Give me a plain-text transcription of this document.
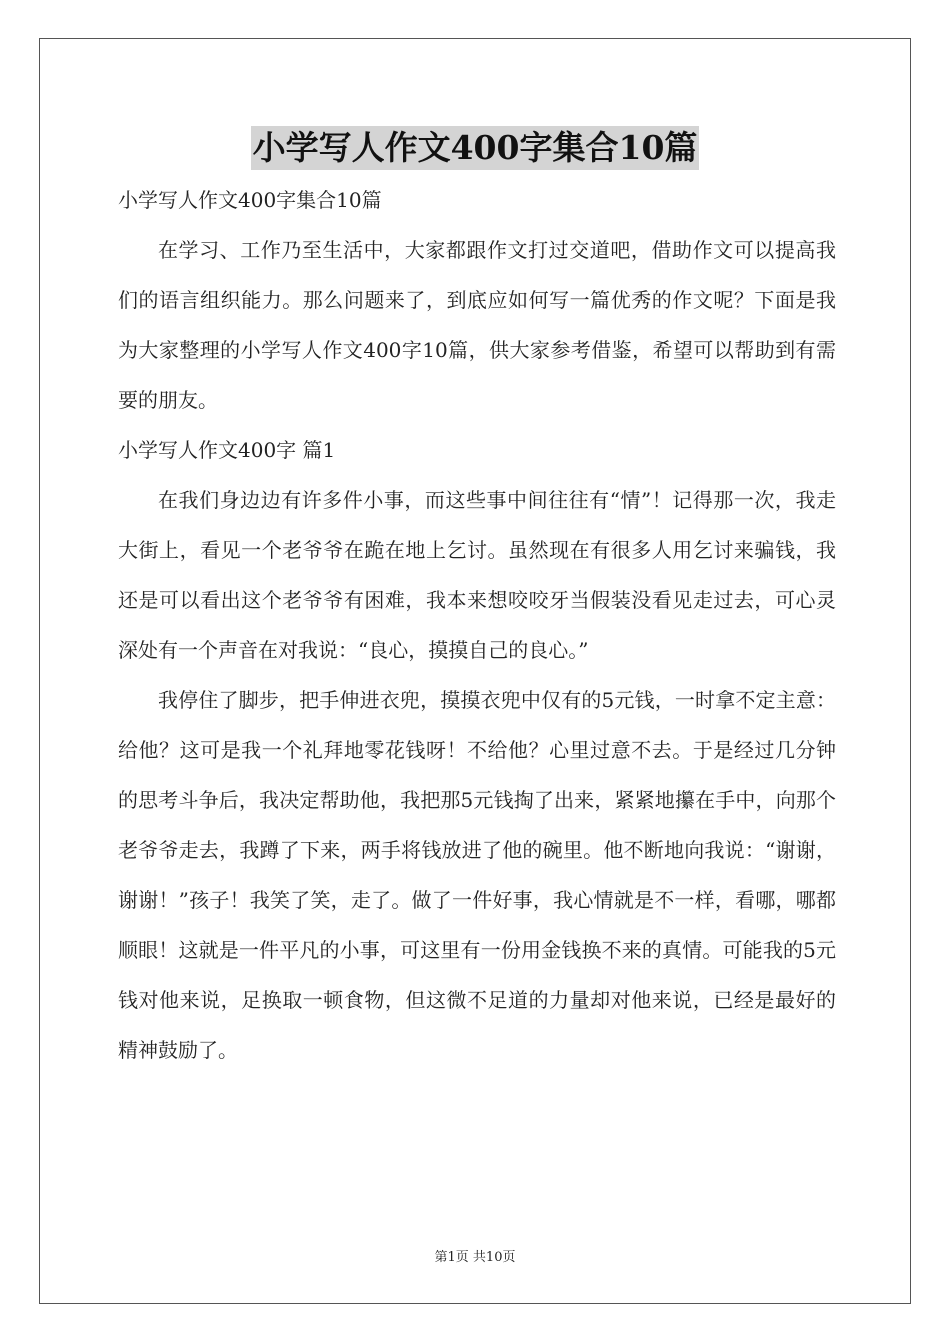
小学写人作文400字集合10篇

小学写人作文400字集合10篇

在学习、工作乃至生活中，大家都跟作文打过交道吧，借助作文可以提高我们的语言组织能力。那么问题来了，到底应如何写一篇优秀的作文呢？下面是我为大家整理的小学写人作文400字10篇，供大家参考借鉴，希望可以帮助到有需要的朋友。

小学写人作文400字 篇1

在我们身边边有许多件小事，而这些事中间往往有“情”！记得那一次，我走大街上，看见一个老爷爷在跪在地上乞讨。虽然现在有很多人用乞讨来骗钱，我还是可以看出这个老爷爷有困难，我本来想咬咬牙当假装没看见走过去，可心灵深处有一个声音在对我说：“良心，摸摸自己的良心。”

我停住了脚步，把手伸进衣兜，摸摸衣兜中仅有的5元钱，一时拿不定主意：给他？这可是我一个礼拜地零花钱呀！不给他？心里过意不去。于是经过几分钟的思考斗争后，我决定帮助他，我把那5元钱掏了出来，紧紧地攥在手中，向那个老爷爷走去，我蹲了下来，两手将钱放进了他的碗里。他不断地向我说：“谢谢，谢谢！”孩子！我笑了笑，走了。做了一件好事，我心情就是不一样，看哪，哪都顺眼！这就是一件平凡的小事，可这里有一份用金钱换不来的真情。可能我的5元钱对他来说，足换取一顿食物，但这微不足道的力量却对他来说，已经是最好的精神鼓励了。

第1页 共10页
